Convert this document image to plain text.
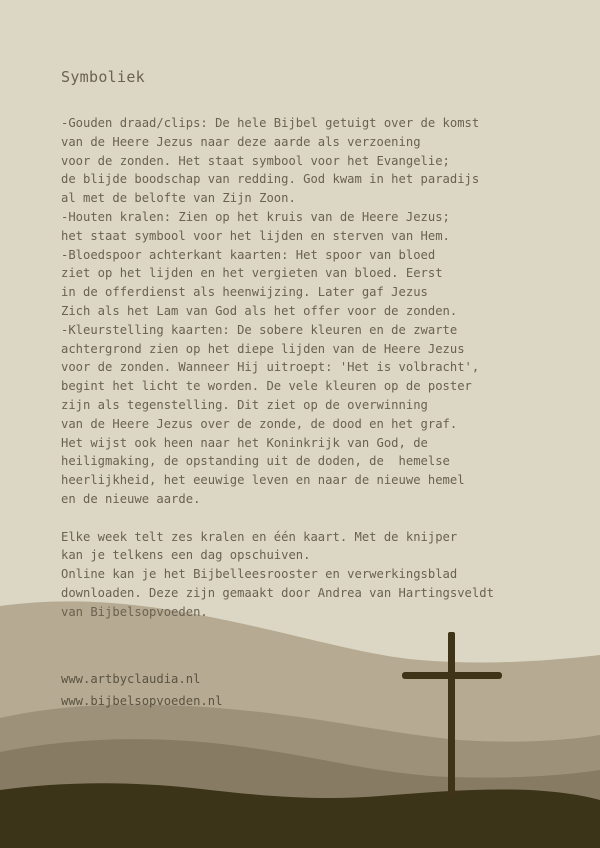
Symboliek
-Gouden draad/clips: De hele Bijbel getuigt over de komst
van de Heere Jezus naar deze aarde als verzoening
voor de zonden. Het staat symbool voor het Evangelie;
de blijde boodschap van redding. God kwam in het paradijs
al met de belofte van Zijn Zoon.
-Houten kralen: Zien op het kruis van de Heere Jezus;
het staat symbool voor het lijden en sterven van Hem.
-Bloedspoor achterkant kaarten: Het spoor van bloed
ziet op het lijden en het vergieten van bloed. Eerst
in de offerdienst als heenwijzing. Later gaf Jezus
Zich als het Lam van God als het offer voor de zonden.
-Kleurstelling kaarten: De sobere kleuren en de zwarte
achtergrond zien op het diepe lijden van de Heere Jezus
voor de zonden. Wanneer Hij uitroept: 'Het is volbracht',
begint het licht te worden. De vele kleuren op de poster
zijn als tegenstelling. Dit ziet op de overwinning
van de Heere Jezus over de zonde, de dood en het graf.
Het wijst ook heen naar het Koninkrijk van God, de
heiligmaking, de opstanding uit de doden, de  hemelse
heerlijkheid, het eeuwige leven en naar de nieuwe hemel
en de nieuwe aarde.
Elke week telt zes kralen en één kaart. Met de knijper
kan je telkens een dag opschuiven.
Online kan je het Bijbelleesrooster en verwerkingsblad
downloaden. Deze zijn gemaakt door Andrea van Hartingsveldt
van Bijbelsopvoeden.
www.artbyclaudia.nl
www.bijbelsopvoeden.nl
